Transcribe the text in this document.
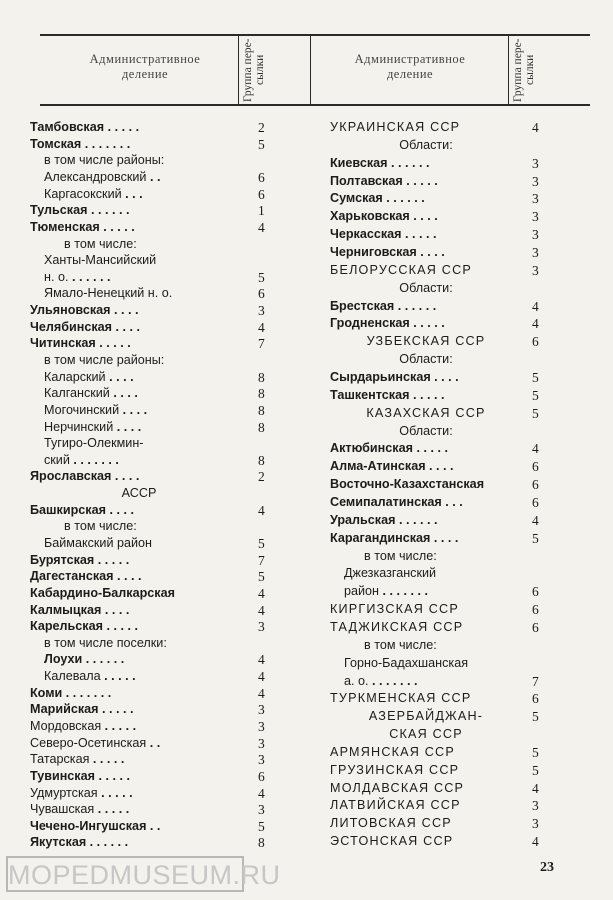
Административное деление	Группа пере-сылки	Административное деление	Группа пере-сылки
Тамбовская . . . . .	2
Томская . . . . . . .	5
в том числе районы:
Александровский . .	6
Каргасокский . . .	6
Тульская . . . . . .	1
Тюменская . . . . .	4
в том числе:
Ханты-Мансийский
н. о. . . . . . .	5
Ямало-Ненецкий н. о.	6
Ульяновская . . . .	3
Челябинская . . . .	4
Читинская . . . . .	7
в том числе районы:
Каларский . . . .	8
Калганский . . . .	8
Могочинский . . . .	8
Нерчинский . . . .	8
Тугиро-Олекмин-
ский . . . . . . .	8
Ярославская . . . .	2
АССР
Башкирская . . . .	4
в том числе:
Баймакский район	5
Бурятская . . . . .	7
Дагестанская . . . .	5
Кабардино-Балкарская	4
Калмыцкая . . . .	4
Карельская . . . . .	3
в том числе поселки:
Лоухи . . . . . .	4
Калевала . . . . .	4
Коми . . . . . . .	4
Марийская . . . . .	3
Мордовская . . . . .	3
Северо-Осетинская . .	3
Татарская . . . . .	3
Тувинская . . . . .	6
Удмуртская . . . . .	4
Чувашская . . . . .	3
Чечено-Ингушская . .	5
Якутская . . . . . .	8
УКРАИНСКАЯ ССР	4
Области:
Киевская . . . . . .	3
Полтавская . . . . .	3
Сумская . . . . . .	3
Харьковская . . . .	3
Черкасская . . . . .	3
Черниговская . . . .	3
БЕЛОРУССКАЯ ССР	3
Области:
Брестская . . . . . .	4
Гродненская . . . . .	4
УЗБЕКСКАЯ ССР	6
Области:
Сырдарьинская . . . .	5
Ташкентская . . . . .	5
КАЗАХСКАЯ ССР	5
Области:
Актюбинская . . . . .	4
Алма-Атинская . . . .	6
Восточно-Казахстанская	6
Семипалатинская . . .	6
Уральская . . . . . .	4
Карагандинская . . . .	5
в том числе:
Джезказганский
район . . . . . . .	6
КИРГИЗСКАЯ ССР	6
ТАДЖИКСКАЯ ССР	6
в том числе:
Горно-Бадахшанская
а. о. . . . . . . .	7
ТУРКМЕНСКАЯ ССР	6
АЗЕРБАЙДЖАН-	5
СКАЯ ССР
АРМЯНСКАЯ ССР	5
ГРУЗИНСКАЯ ССР	5
МОЛДАВСКАЯ ССР	4
ЛАТВИЙСКАЯ ССР	3
ЛИТОВСКАЯ ССР	3
ЭСТОНСКАЯ ССР	4
MOPEDMUSEUM.RU	23
